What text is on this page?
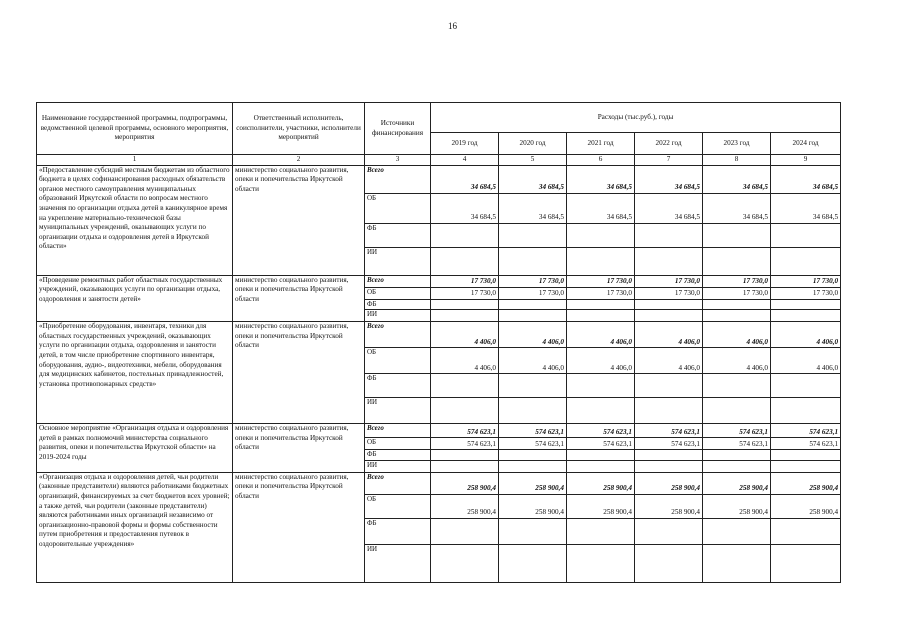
16
Наименование государственной программы, подпрограммы, ведомственной целевой программы, основного мероприятия, мероприятия	Ответственный исполнитель, соисполнители, участники, исполнители мероприятий	Источники финансирования	Расходы (тыс.руб.), годы					
			2019 год	2020 год	2021 год	2022 год	2023 год	2024 год
1	2	3	4	5	6	7	8	9
«Предоставление субсидий местным бюджетам из областного бюджета в целях софинансирования расходных обязательств органов местного самоуправления муниципальных образований Иркутской области по вопросам местного значения по организации отдыха детей в каникулярное время на укрепление материально-технической базы муниципальных учреждений, оказывающих услуги по организации отдыха и оздоровления детей в Иркутской области»	министерство социального развития, опеки и попечительства Иркутской области	Всего	34 684,5	34 684,5	34 684,5	34 684,5	34 684,5	34 684,5
		ОБ	34 684,5	34 684,5	34 684,5	34 684,5	34 684,5	34 684,5
		ФБ						
		ИИ						
«Проведение ремонтных работ областных государственных учреждений, оказывающих услуги по организации отдыха, оздоровления и занятости детей»	министерство социального развития, опеки и попечительства Иркутской области	Всего	17 730,0	17 730,0	17 730,0	17 730,0	17 730,0	17 730,0
		ОБ	17 730,0	17 730,0	17 730,0	17 730,0	17 730,0	17 730,0
		ФБ						
		ИИ						
«Приобретение оборудования, инвентаря, техники для областных государственных учреждений, оказывающих услуги по организации отдыха, оздоровления и занятости детей, в том числе приобретение спортивного инвентаря, оборудования, аудио-, видеотехники, мебели, оборудования для медицинских кабинетов, постельных принадлежностей, установка противопожарных средств»	министерство социального развития, опеки и попечительства Иркутской области	Всего	4 406,0	4 406,0	4 406,0	4 406,0	4 406,0	4 406,0
		ОБ	4 406,0	4 406,0	4 406,0	4 406,0	4 406,0	4 406,0
		ФБ						
		ИИ						
Основное мероприятие «Организация отдыха и оздоровления детей в рамках полномочий министерства социального развития, опеки и попечительства Иркутской области» на 2019-2024 годы	министерство социального развития, опеки и попечительства Иркутской области	Всего	574 623,1	574 623,1	574 623,1	574 623,1	574 623,1	574 623,1
		ОБ	574 623,1	574 623,1	574 623,1	574 623,1	574 623,1	574 623,1
		ФБ						
		ИИ						
«Организация отдыха и оздоровления детей, чьи родители (законные представители) являются работниками бюджетных организаций, финансируемых за счет бюджетов всех уровней; а также детей, чьи родители (законные представители) являются работниками иных организаций независимо от организационно-правовой формы и формы собственности путем приобретения и предоставления путевок в оздоровительные учреждения»	министерство социального развития, опеки и попечительства Иркутской области	Всего	258 900,4	258 900,4	258 900,4	258 900,4	258 900,4	258 900,4
		ОБ	258 900,4	258 900,4	258 900,4	258 900,4	258 900,4	258 900,4
		ФБ						
		ИИ						
